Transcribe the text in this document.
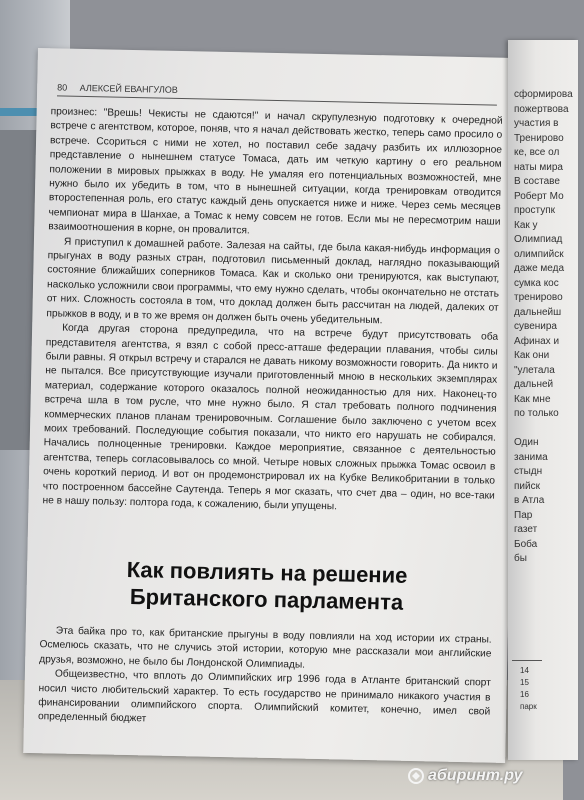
80 АЛЕКСЕЙ ЕВАНГУЛОВ

произнес: "Врешь! Чекисты не сдаются!" и начал скрупулезную подготовку к очередной встрече с агентством, которое, поняв, что я начал действовать жестко, теперь само просило о встрече. Ссориться с ними не хотел, но поставил себе задачу разбить их иллюзорное представление о нынешнем статусе Томаса, дать им четкую картину о его реальном положении в мировых прыжках в воду. Не умаляя его потенциальных возможностей, мне нужно было их убедить в том, что в нынешней ситуации, когда тренировкам отводится второстепенная роль, его статус каждый день опускается ниже и ниже. Через семь месяцев чемпионат мира в Шанхае, а Томас к нему совсем не готов. Если мы не пересмотрим наши взаимоотношения в корне, он провалится.

Я приступил к домашней работе. Залезая на сайты, где была какая-нибудь информация о прыгунах в воду разных стран, подготовил письменный доклад, наглядно показывающий состояние ближайших соперников Томаса. Как и сколько они тренируются, как выступают, насколько усложнили свои программы, что ему нужно сделать, чтобы окончательно не отстать от них. Сложность состояла в том, что доклад должен быть рассчитан на людей, далеких от прыжков в воду, и в то же время он должен быть очень убедительным.

Когда другая сторона предупредила, что на встрече будут присутствовать оба представителя агентства, я взял с собой пресс-атташе федерации плавания, чтобы силы были равны. Я открыл встречу и старался не давать никому возможности говорить. Да никто и не пытался. Все присутствующие изучали приготовленный мною в нескольких экземплярах материал, содержание которого оказалось полной неожиданностью для них. Наконец-то встреча шла в том русле, что мне нужно было. Я стал требовать полного подчинения коммерческих планов планам тренировочным. Соглашение было заключено с учетом всех моих требований. Последующие события показали, что никто его нарушать не собирался. Начались полноценные тренировки. Каждое мероприятие, связанное с деятельностью агентства, теперь согласовывалось со мной. Четыре новых сложных прыжка Томас освоил в очень короткий период. И вот он продемонстрировал их на Кубке Великобритании в только что построенном бассейне Саутенда. Теперь я мог сказать, что счет два – один, но все-таки не в нашу пользу: полтора года, к сожалению, были упущены.

Как повлиять на решение Британского парламента

Эта байка про то, как британские прыгуны в воду повлияли на ход истории их страны. Осмелюсь сказать, что не случись этой истории, которую мне рассказали мои английские друзья, возможно, не было бы Лондонской Олимпиады.

Общеизвестно, что вплоть до Олимпийских игр 1996 года в Атланте британский спорт носил чисто любительский характер. То есть государство не принимало никакого участия в финансировании олимпийского спорта. Олимпийский комитет, конечно, имел свой определенный бюджет

сформирова
пожертвова
участия в
Тренирово
ке, все ол
наты мира
В составе
Роберт Мо
проступк
Как у
Олимпиад
олимпийск
даже меда
сумка кос
тренирово
дальнейш
сувенира
Афинах и
Как они
"улетала
дальней
Как мне
по только
Один
занима
стыдн
пийск
в Атла
Пар
газет
Боба
бы
14
15
16
парк
абиринт.ру
